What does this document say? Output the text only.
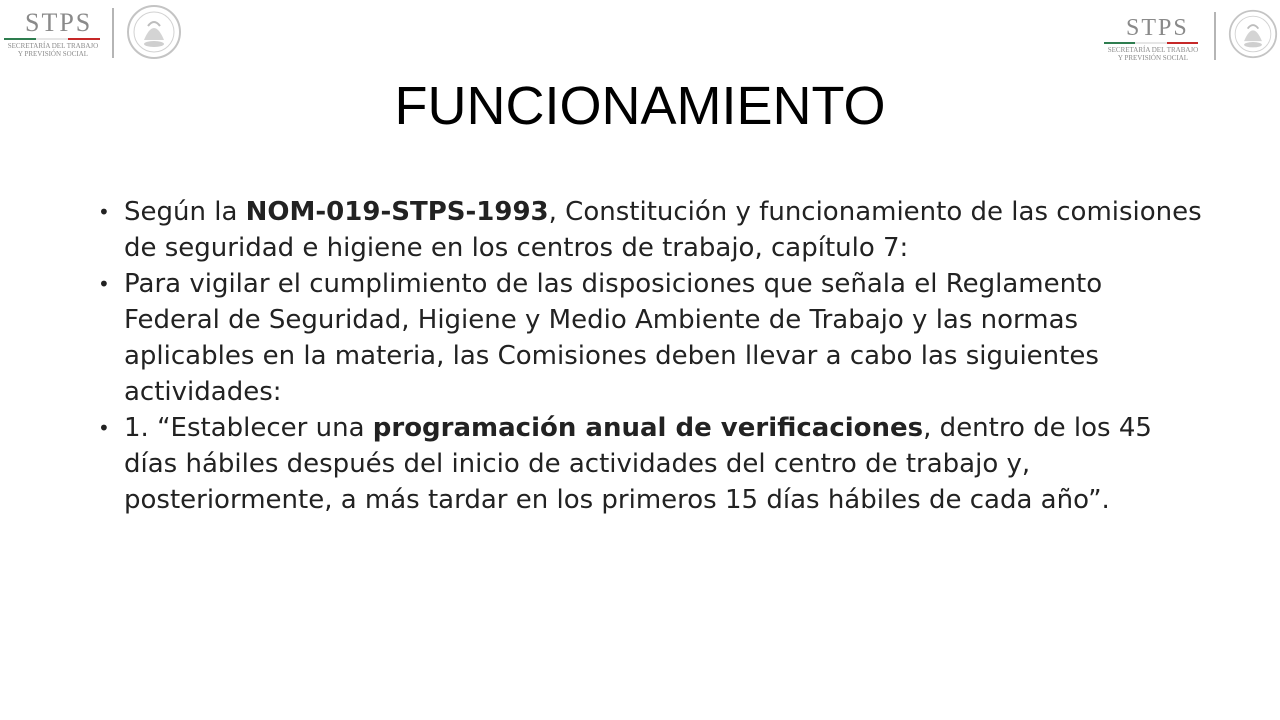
STPS
SECRETARÍA DEL TRABAJO
Y PREVISIÓN SOCIAL
STPS
SECRETARÍA DEL TRABAJO
Y PREVISIÓN SOCIAL
FUNCIONAMIENTO
• Según la NOM-019-STPS-1993, Constitución y funcionamiento de las comisiones de seguridad e higiene en los centros de trabajo, capítulo 7:
• Para vigilar el cumplimiento de las disposiciones que señala el Reglamento Federal de Seguridad, Higiene y Medio Ambiente de Trabajo y las normas aplicables en la materia, las Comisiones deben llevar a cabo las siguientes actividades:
• 1. “Establecer una programación anual de verificaciones, dentro de los 45 días hábiles después del inicio de actividades del centro de trabajo y, posteriormente, a más tardar en los primeros 15 días hábiles de cada año”.
